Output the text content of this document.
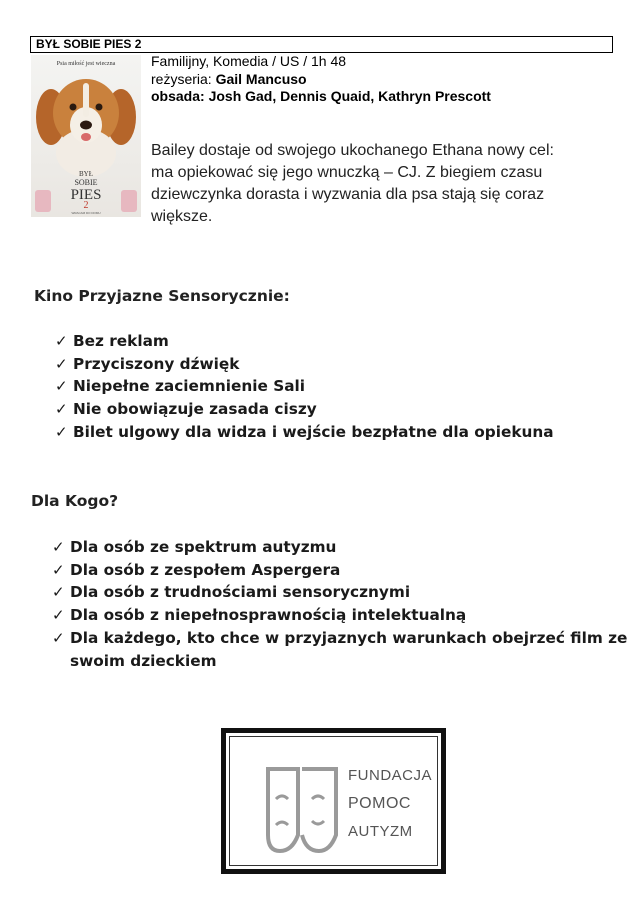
BYŁ SOBIE PIES 2
Psia miłość jest wieczna
BYŁ
SOBIE
PIES
2
WRACAM DO DOMU
Familijny, Komedia / US / 1h 48
reżyseria: Gail Mancuso
obsada: Josh Gad, Dennis Quaid, Kathryn Prescott
Bailey dostaje od swojego ukochanego Ethana nowy cel:
ma opiekować się jego wnuczką – CJ. Z biegiem czasu
dziewczynka dorasta i wyzwania dla psa stają się coraz
większe.
Kino Przyjazne Sensorycznie:
✓ Bez reklam
✓ Przyciszony dźwięk
✓ Niepełne zaciemnienie Sali
✓ Nie obowiązuje zasada ciszy
✓ Bilet ulgowy dla widza i wejście bezpłatne dla opiekuna
Dla Kogo?
✓ Dla osób ze spektrum autyzmu
✓ Dla osób z zespołem Aspergera
✓ Dla osób z trudnościami sensorycznymi
✓ Dla osób z niepełnosprawnością intelektualną
✓ Dla każdego, kto chce w przyjaznych warunkach obejrzeć film ze
swoim dzieckiem
FUNDACJA
POMOC
AUTYZM
